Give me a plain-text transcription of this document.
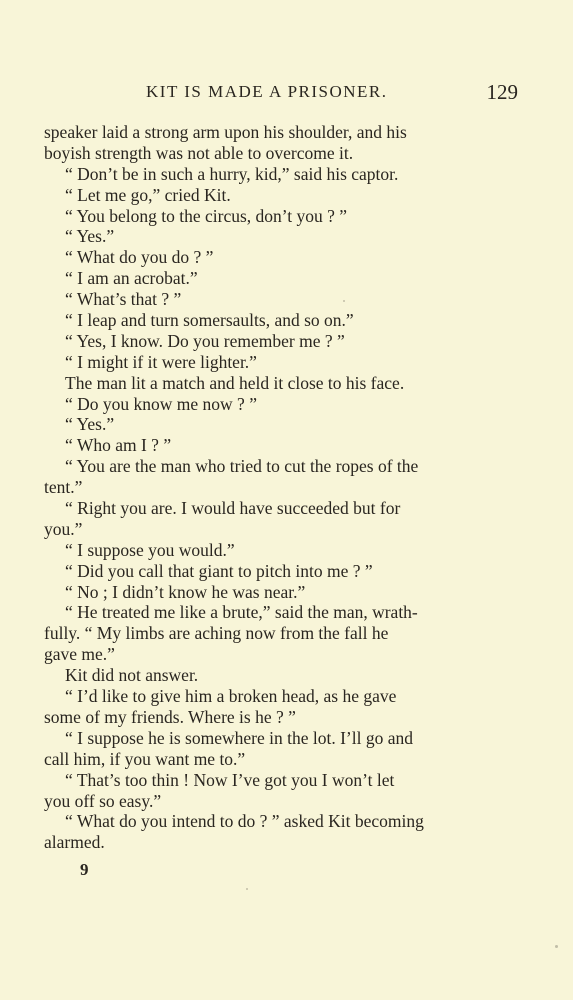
KIT IS MADE A PRISONER.	129
speaker laid a strong arm upon his shoulder, and his
boyish strength was not able to overcome it.
“ Don’t be in such a hurry, kid,” said his captor.
“ Let me go,” cried Kit.
“ You belong to the circus, don’t you ? ”
“ Yes.”
“ What do you do ? ”
“ I am an acrobat.”
“ What’s that ? ”
“ I leap and turn somersaults, and so on.”
“ Yes, I know. Do you remember me ? ”
“ I might if it were lighter.”
The man lit a match and held it close to his face.
“ Do you know me now ? ”
“ Yes.”
“ Who am I ? ”
“ You are the man who tried to cut the ropes of the
tent.”
“ Right you are. I would have succeeded but for
you.”
“ I suppose you would.”
“ Did you call that giant to pitch into me ? ”
“ No ; I didn’t know he was near.”
“ He treated me like a brute,” said the man, wrath-
fully. “ My limbs are aching now from the fall he
gave me.”
Kit did not answer.
“ I’d like to give him a broken head, as he gave
some of my friends. Where is he ? ”
“ I suppose he is somewhere in the lot. I’ll go and
call him, if you want me to.”
“ That’s too thin ! Now I’ve got you I won’t let
you off so easy.”
“ What do you intend to do ? ” asked Kit becoming
alarmed.
9
